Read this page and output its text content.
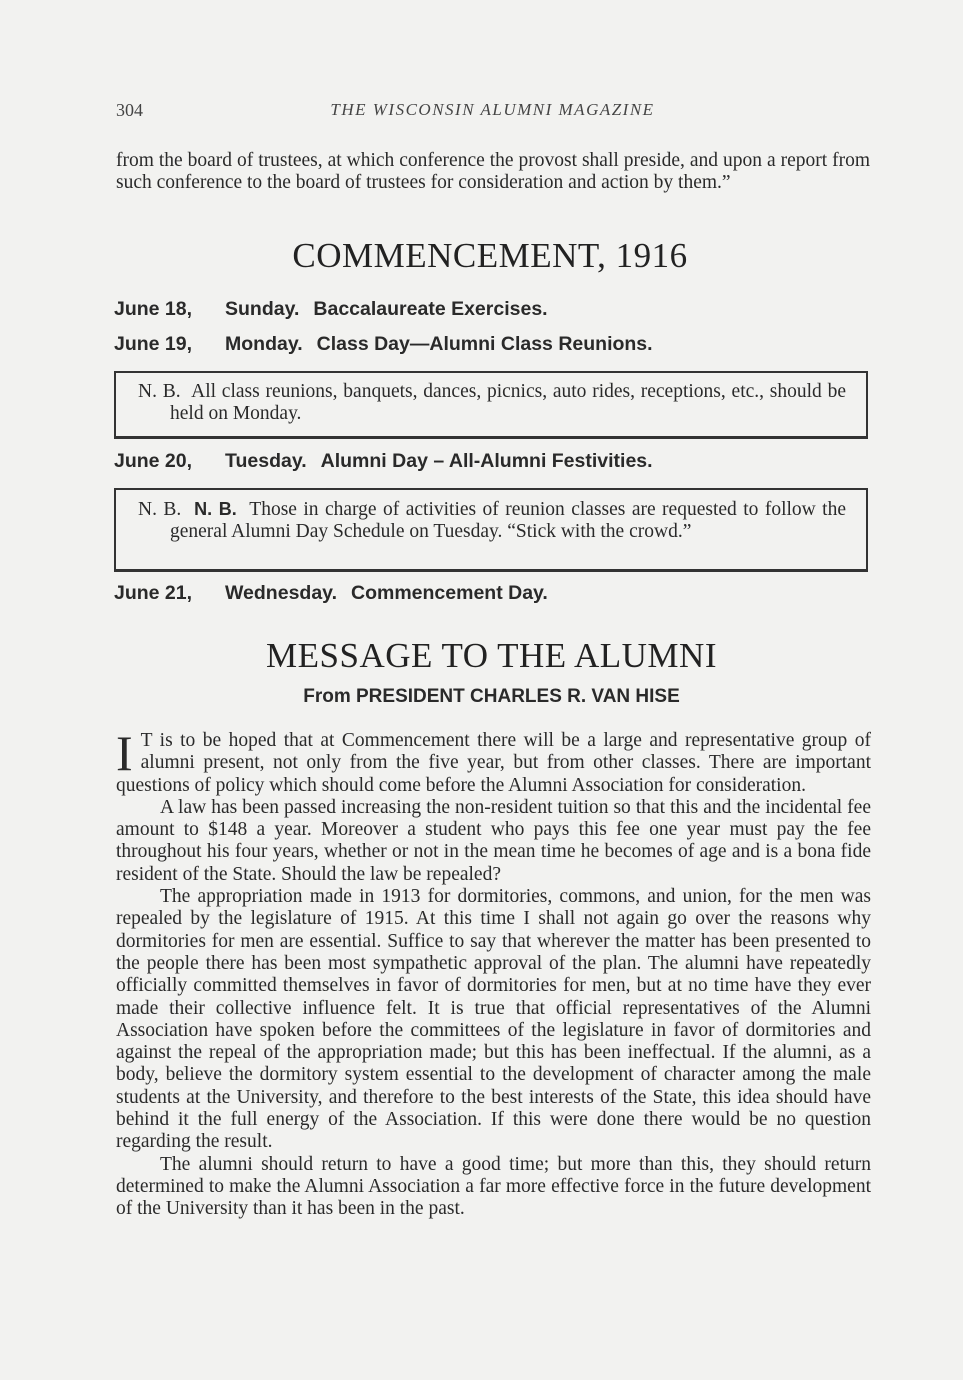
304	THE WISCONSIN ALUMNI MAGAZINE
from the board of trustees, at which conference the provost shall preside, and upon a report from such conference to the board of trustees for consideration and action by them.”
COMMENCEMENT, 1916
June 18, Sunday. Baccalaureate Exercises.
June 19, Monday. Class Day—Alumni Class Reunions.
N. B. All class reunions, banquets, dances, picnics, auto rides, receptions, etc., should be held on Monday.
June 20, Tuesday. Alumni Day – All-Alumni Festivities.
N. B. N. B. Those in charge of activities of reunion classes are requested to follow the general Alumni Day Schedule on Tuesday. “Stick with the crowd.”
June 21, Wednesday. Commencement Day.
MESSAGE TO THE ALUMNI
From PRESIDENT CHARLES R. VAN HISE

I T is to be hoped that at Commencement there will be a large and representative group of alumni present, not only from the five year, but from other classes. There are important questions of policy which should come before the Alumni Association for consideration.

A law has been passed increasing the non-resident tuition so that this and the incidental fee amount to $148 a year. Moreover a student who pays this fee one year must pay the fee throughout his four years, whether or not in the mean time he becomes of age and is a bona fide resident of the State. Should the law be repealed?

The appropriation made in 1913 for dormitories, commons, and union, for the men was repealed by the legislature of 1915. At this time I shall not again go over the reasons why dormitories for men are essential. Suffice to say that wherever the matter has been presented to the people there has been most sympathetic approval of the plan. The alumni have repeatedly officially committed themselves in favor of dormitories for men, but at no time have they ever made their collective influence felt. It is true that official representatives of the Alumni Association have spoken before the committees of the legislature in favor of dormitories and against the repeal of the appropriation made; but this has been ineffectual. If the alumni, as a body, believe the dormitory system essential to the development of character among the male students at the University, and therefore to the best interests of the State, this idea should have behind it the full energy of the Association. If this were done there would be no question regarding the result.

The alumni should return to have a good time; but more than this, they should return determined to make the Alumni Association a far more effective force in the future development of the University than it has been in the past.
